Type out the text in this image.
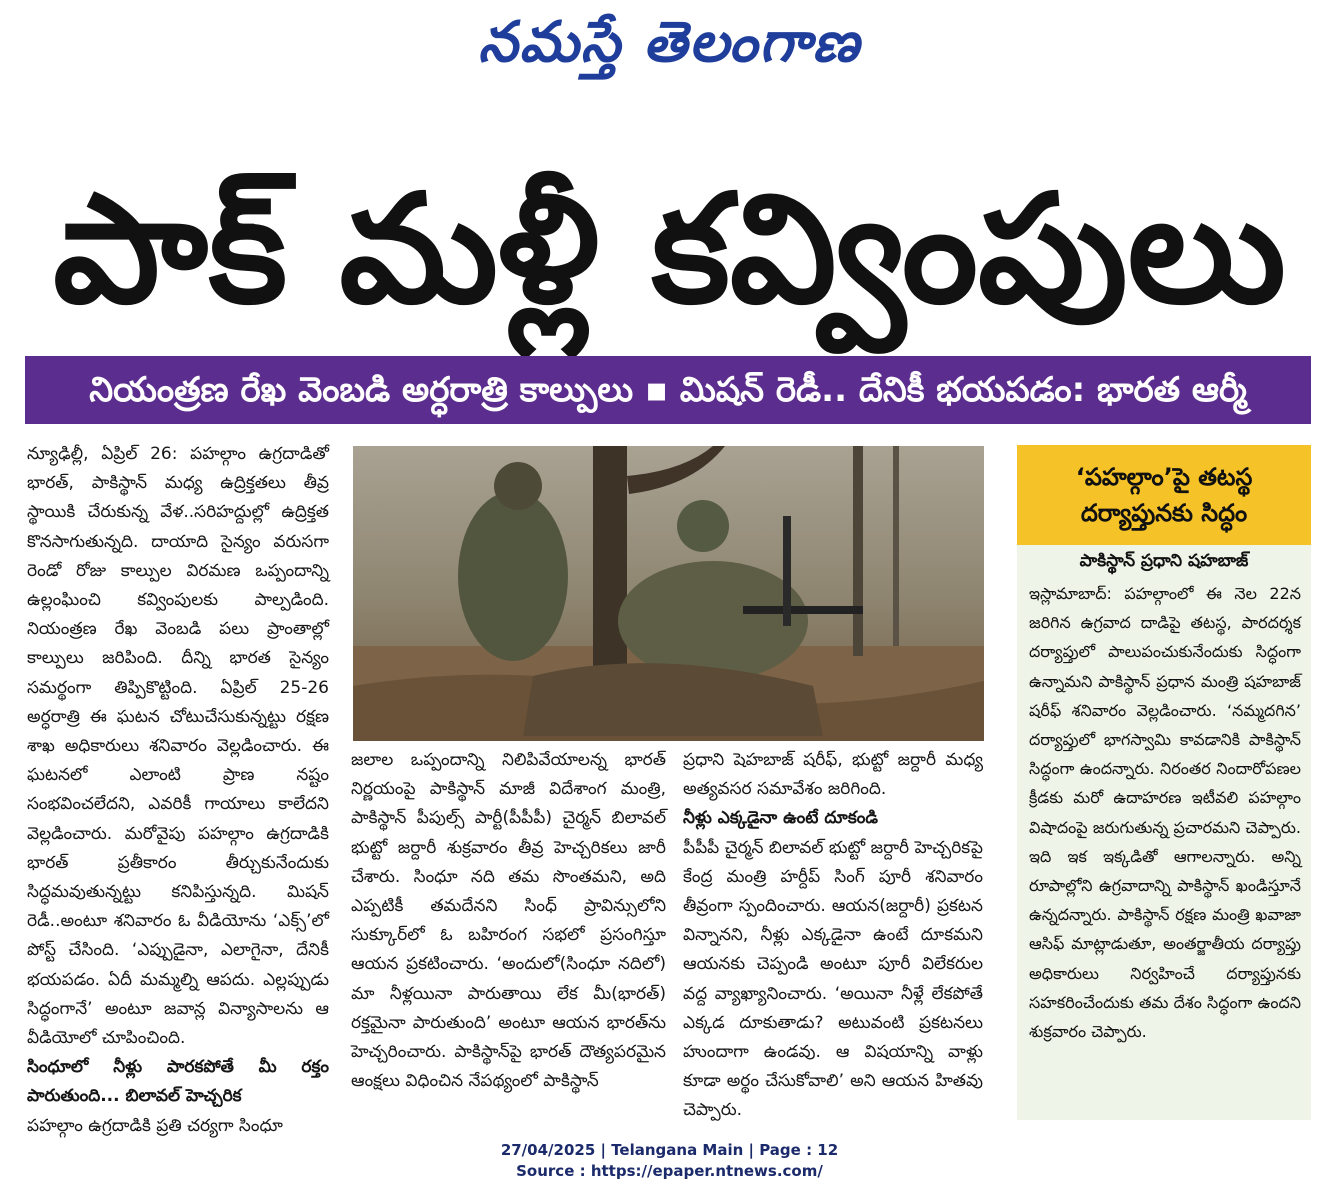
నమస్తే తెలంగాణ
పాక్ మళ్లీ కవ్వింపులు
నియంత్రణ రేఖ వెంబడి అర్ధరాత్రి కాల్పులు ▪ మిషన్ రెడీ.. దేనికీ భయపడం: భారత ఆర్మీ

న్యూఢిల్లీ, ఏప్రిల్ 26: పహల్గాం ఉగ్రదాడితో భారత్, పాకిస్థాన్ మధ్య ఉద్రిక్తతలు తీవ్ర స్థాయికి చేరుకున్న వేళ..సరిహద్దుల్లో ఉద్రిక్తత కొనసాగుతున్నది. దాయాది సైన్యం వరుసగా రెండో రోజు కాల్పుల విరమణ ఒప్పందాన్ని ఉల్లంఘించి కవ్వింపులకు పాల్పడింది. నియంత్రణ రేఖ వెంబడి పలు ప్రాంతాల్లో కాల్పులు జరిపింది. దీన్ని భారత సైన్యం సమర్థంగా తిప్పికొట్టింది. ఏప్రిల్ 25-26 అర్ధరాత్రి ఈ ఘటన చోటుచేసుకున్నట్టు రక్షణ శాఖ అధికారులు శనివారం వెల్లడించారు. ఈ ఘటనలో ఎలాంటి ప్రాణ నష్టం సంభవించలేదని, ఎవరికీ గాయాలు కాలేదని వెల్లడించారు. మరోవైపు పహల్గాం ఉగ్రదాడికి భారత్ ప్రతీకారం తీర్చుకునేందుకు సిద్ధమవుతున్నట్టు కనిపిస్తున్నది. మిషన్ రెడీ..అంటూ శనివారం ఓ వీడియోను ‘ఎక్స్’లో పోస్ట్ చేసింది. ‘ఎప్పుడైనా, ఎలాగైనా, దేనికీ భయపడం. ఏదీ మమ్మల్ని ఆపదు. ఎల్లప్పుడు సిద్ధంగానే’ అంటూ జవాన్ల విన్యాసాలను ఆ వీడియోలో చూపించింది.

సింధూలో నీళ్లు పారకపోతే మీ రక్తం పారుతుంది... బిలావల్ హెచ్చరిక

పహల్గాం ఉగ్రదాడికి ప్రతి చర్యగా సింధూ

జలాల ఒప్పందాన్ని నిలిపివేయాలన్న భారత్ నిర్ణయంపై పాకిస్థాన్ మాజీ విదేశాంగ మంత్రి, పాకిస్థాన్ పీపుల్స్ పార్టీ(పీపీపీ) చైర్మన్ బిలావల్ భుట్టో జర్దారీ శుక్రవారం తీవ్ర హెచ్చరికలు జారీ చేశారు. సింధూ నది తమ సొంతమని, అది ఎప్పటికీ తమదేనని సింధ్ ప్రావిన్సులోని సుక్కూర్‌లో ఓ బహిరంగ సభలో ప్రసంగిస్తూ ఆయన ప్రకటించారు. ‘అందులో(సింధూ నదిలో) మా నీళ్లయినా పారుతాయి లేక మీ(భారత్) రక్తమైనా పారుతుంది’ అంటూ ఆయన భారత్‌ను హెచ్చరించారు. పాకిస్థాన్‌పై భారత్ దౌత్యపరమైన ఆంక్షలు విధించిన నేపథ్యంలో పాకిస్థాన్

ప్రధాని షెహబాజ్ షరీఫ్, భుట్టో జర్దారీ మధ్య అత్యవసర సమావేశం జరిగింది.

నీళ్లు ఎక్కడైనా ఉంటే దూకండి

పీపీపీ చైర్మన్ బిలావల్ భుట్టో జర్దారీ హెచ్చరికపై కేంద్ర మంత్రి హర్దీప్ సింగ్ పూరీ శనివారం తీవ్రంగా స్పందించారు. ఆయన(జర్దారీ) ప్రకటన విన్నానని, నీళ్లు ఎక్కడైనా ఉంటే దూకమని ఆయనకు చెప్పండి అంటూ పూరీ విలేకరుల వద్ద వ్యాఖ్యానించారు. ‘అయినా నీళ్లే లేకపోతే ఎక్కడ దూకుతాడు? అటువంటి ప్రకటనలు హుందాగా ఉండవు. ఆ విషయాన్ని వాళ్లు కూడా అర్థం చేసుకోవాలి’ అని ఆయన హితవు చెప్పారు.

‘పహల్గాం’పై తటస్థ
దర్యాప్తునకు సిద్ధం
పాకిస్థాన్ ప్రధాని షహబాజ్
ఇస్లామాబాద్: పహల్గాంలో ఈ నెల 22న జరిగిన ఉగ్రవాద దాడిపై తటస్థ, పారదర్శక దర్యాప్తులో పాలుపంచుకునేందుకు సిద్ధంగా ఉన్నామని పాకిస్థాన్ ప్రధాన మంత్రి షహబాజ్ షరీఫ్ శనివారం వెల్లడించారు. ‘నమ్మదగిన’ దర్యాప్తులో భాగస్వామి కావడానికి పాకిస్థాన్ సిద్ధంగా ఉందన్నారు. నిరంతర నిందారోపణల క్రీడకు మరో ఉదాహరణ ఇటీవలి పహల్గాం విషాదంపై జరుగుతున్న ప్రచారమని చెప్పారు. ఇది ఇక ఇక్కడితో ఆగాలన్నారు. అన్ని రూపాల్లోని ఉగ్రవాదాన్ని పాకిస్థాన్ ఖండిస్తూనే ఉన్నదన్నారు. పాకిస్థాన్ రక్షణ మంత్రి ఖవాజా ఆసిఫ్ మాట్లాడుతూ, అంతర్జాతీయ దర్యాప్తు అధికారులు నిర్వహించే దర్యాప్తునకు సహకరించేందుకు తమ దేశం సిద్ధంగా ఉందని శుక్రవారం చెప్పారు.
27/04/2025 | Telangana Main | Page : 12
Source : https://epaper.ntnews.com/
